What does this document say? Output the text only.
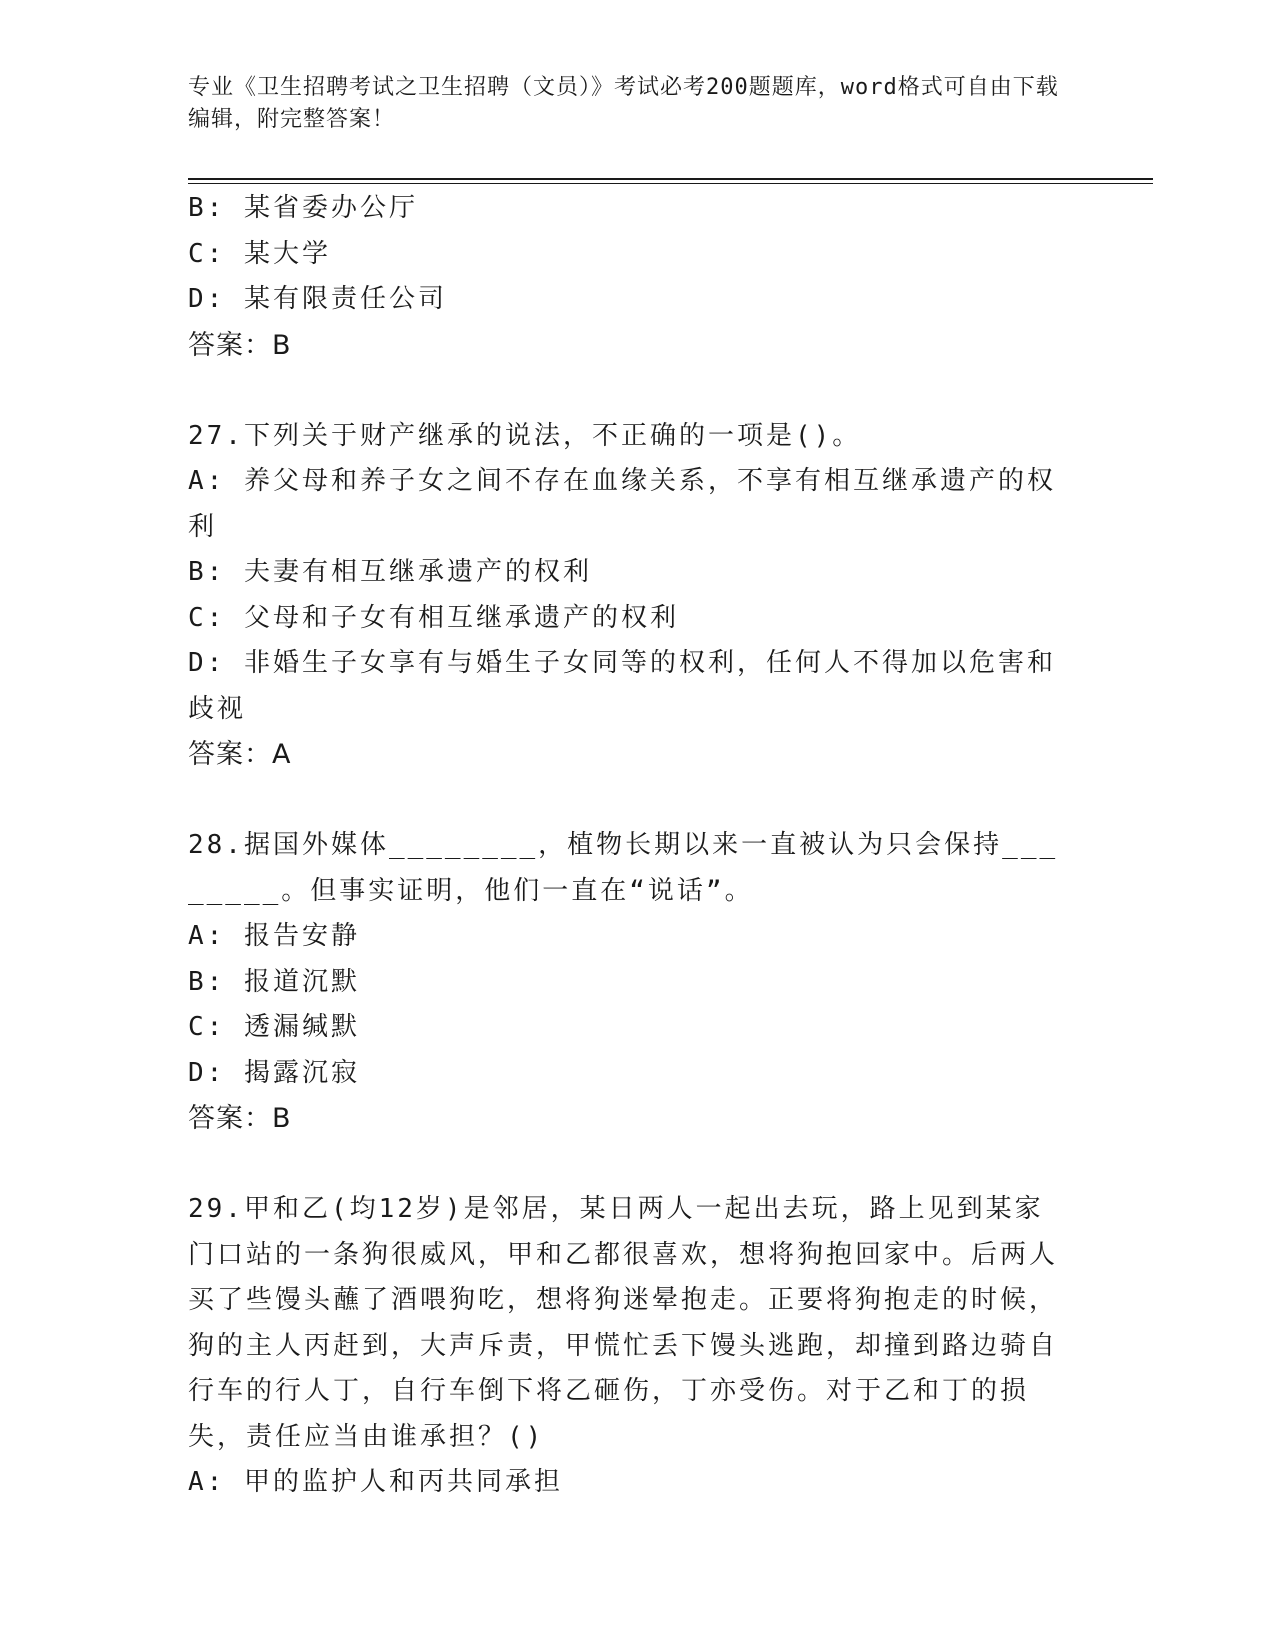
专业《卫生招聘考试之卫生招聘（文员）》考试必考200题题库，word格式可自由下载编辑，附完整答案！
B: 某省委办公厅
C: 某大学
D: 某有限责任公司
答案：B
27.下列关于财产继承的说法，不正确的一项是()。
A: 养父母和养子女之间不存在血缘关系，不享有相互继承遗产的权利
B: 夫妻有相互继承遗产的权利
C: 父母和子女有相互继承遗产的权利
D: 非婚生子女享有与婚生子女同等的权利，任何人不得加以危害和歧视
答案：A
28.据国外媒体________，植物长期以来一直被认为只会保持________。但事实证明，他们一直在“说话”。
A: 报告安静
B: 报道沉默
C: 透漏缄默
D: 揭露沉寂
答案：B
29.甲和乙(均12岁)是邻居，某日两人一起出去玩，路上见到某家门口站的一条狗很威风，甲和乙都很喜欢，想将狗抱回家中。后两人买了些馒头蘸了酒喂狗吃，想将狗迷晕抱走。正要将狗抱走的时候，狗的主人丙赶到，大声斥责，甲慌忙丢下馒头逃跑，却撞到路边骑自行车的行人丁，自行车倒下将乙砸伤，丁亦受伤。对于乙和丁的损失，责任应当由谁承担？()
A: 甲的监护人和丙共同承担
